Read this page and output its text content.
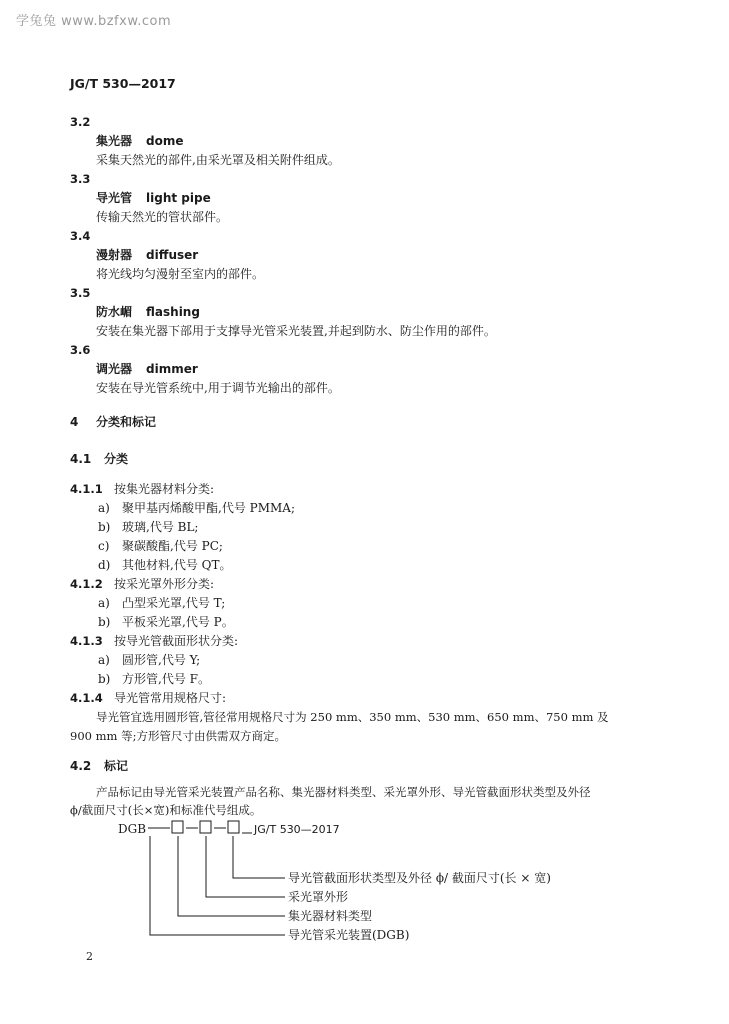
学兔兔 www.bzfxw.com
JG/T 530—2017
3.2
集光器 dome
采集天然光的部件,由采光罩及相关附件组成。
3.3
导光管 light pipe
传输天然光的管状部件。
3.4
漫射器 diffuser
将光线均匀漫射至室内的部件。
3.5
防水嵋 flashing
安装在集光器下部用于支撑导光管采光装置,并起到防水、防尘作用的部件。
3.6
调光器 dimmer
安装在导光管系统中,用于调节光输出的部件。
4 分类和标记
4.1 分类
4.1.1 按集光器材料分类:
a) 聚甲基丙烯酸甲酯,代号 PMMA;
b) 玻璃,代号 BL;
c) 聚碳酸酯,代号 PC;
d) 其他材料,代号 QT。
4.1.2 按采光罩外形分类:
a) 凸型采光罩,代号 T;
b) 平板采光罩,代号 P。
4.1.3 按导光管截面形状分类:
a) 圆形管,代号 Y;
b) 方形管,代号 F。
4.1.4 导光管常用规格尺寸:
导光管宜选用圆形管,管径常用规格尺寸为 250 mm、350 mm、530 mm、650 mm、750 mm 及
900 mm 等;方形管尺寸由供需双方商定。
4.2 标记
产品标记由导光管采光装置产品名称、集光器材料类型、采光罩外形、导光管截面形状类型及外径
ϕ/截面尺寸(长×宽)和标准代号组成。
DGB	JG/T 530—2017
导光管截面形状类型及外径 ϕ/ 截面尺寸(长 × 宽)
采光罩外形
集光器材料类型
导光管采光装置(DGB)
2
